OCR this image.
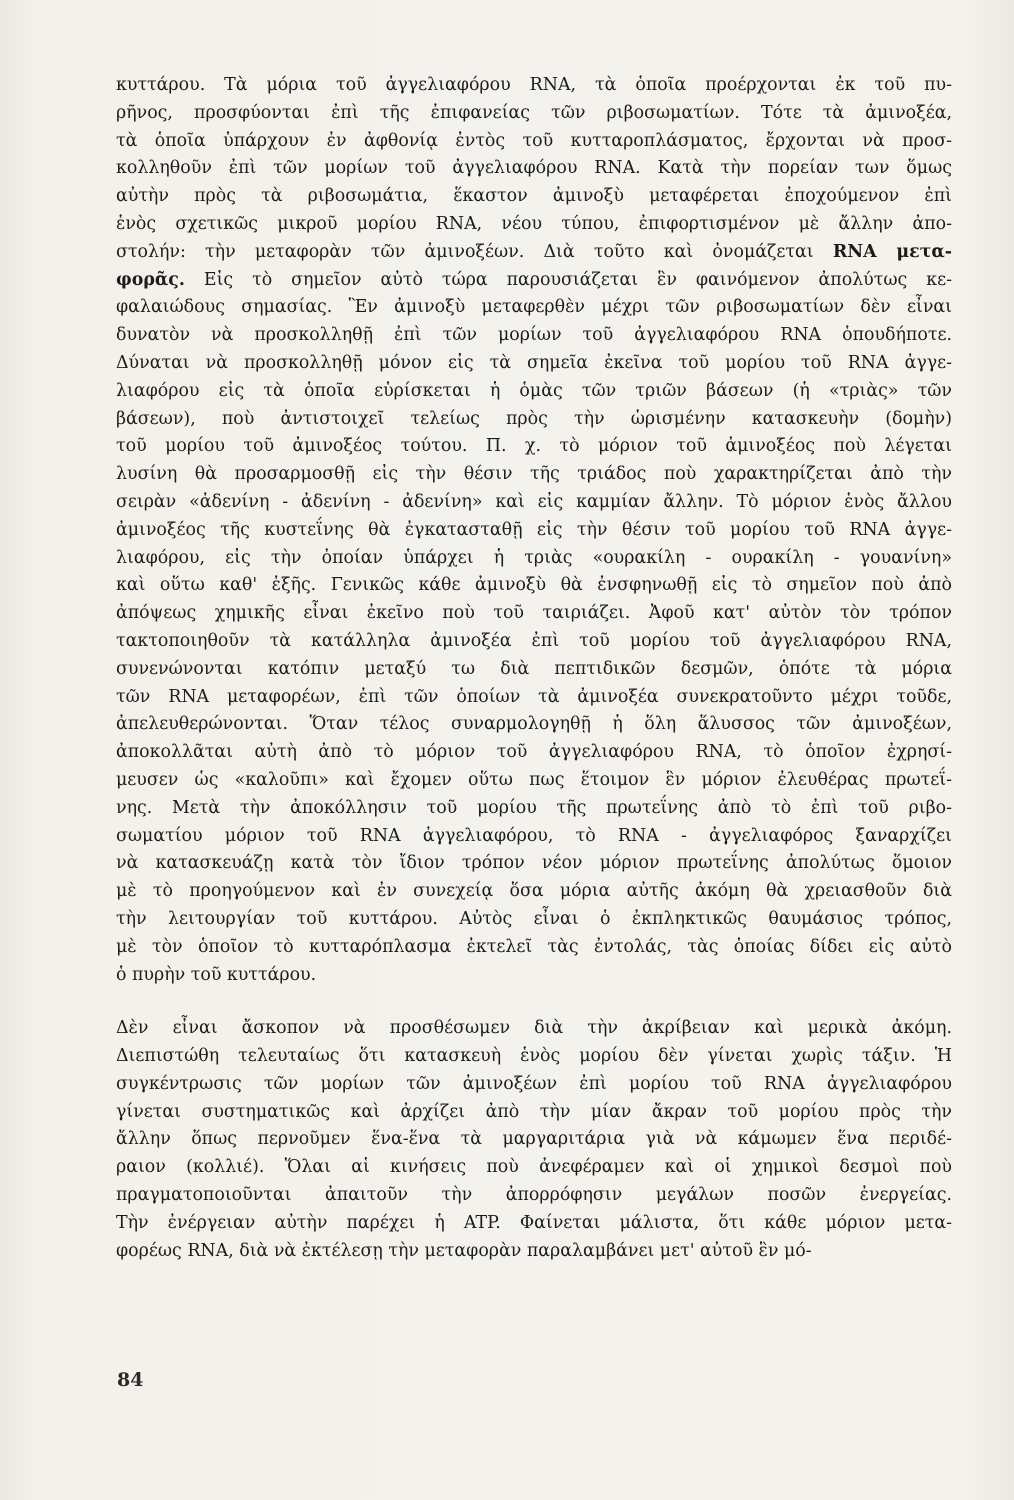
κυττάρου. Τὰ μόρια τοῦ ἀγγελιαφόρου RNA, τὰ ὁποῖα προέρχονται ἐκ τοῦ πυ-
ρῆνος, προσφύονται ἐπὶ τῆς ἐπιφανείας τῶν ριβοσωματίων. Τότε τὰ ἀμινοξέα,
τὰ ὁποῖα ὑπάρχουν ἐν ἀφθονίᾳ ἐντὸς τοῦ κυτταροπλάσματος, ἔρχονται νὰ προσ-
κολληθοῦν ἐπὶ τῶν μορίων τοῦ ἀγγελιαφόρου RNA. Κατὰ τὴν πορείαν των ὅμως
αὐτὴν πρὸς τὰ ριβοσωμάτια, ἕκαστον ἀμινοξὺ μεταφέρεται ἐποχούμενον ἐπὶ
ἑνὸς σχετικῶς μικροῦ μορίου RNA, νέου τύπου, ἐπιφορτισμένον μὲ ἄλλην ἀπο-
στολήν: τὴν μεταφορὰν τῶν ἀμινοξέων. Διὰ τοῦτο καὶ ὀνομάζεται RNA μετα-
φορᾶς. Εἰς τὸ σημεῖον αὐτὸ τώρα παρουσιάζεται ἓν φαινόμενον ἀπολύτως κε-
φαλαιώδους σημασίας. Ἓν ἀμινοξὺ μεταφερθὲν μέχρι τῶν ριβοσωματίων δὲν εἶναι
δυνατὸν νὰ προσκολληθῇ ἐπὶ τῶν μορίων τοῦ ἀγγελιαφόρου RNA ὁπουδήποτε.
Δύναται νὰ προσκολληθῇ μόνον εἰς τὰ σημεῖα ἐκεῖνα τοῦ μορίου τοῦ RNA ἀγγε-
λιαφόρου εἰς τὰ ὁποῖα εὑρίσκεται ἡ ὁμὰς τῶν τριῶν βάσεων (ἡ «τριὰς» τῶν
βάσεων), ποὺ ἀντιστοιχεῖ τελείως πρὸς τὴν ὡρισμένην κατασκευὴν (δομὴν)
τοῦ μορίου τοῦ ἀμινοξέος τούτου. Π. χ. τὸ μόριον τοῦ ἀμινοξέος ποὺ λέγεται
λυσίνη θὰ προσαρμοσθῇ εἰς τὴν θέσιν τῆς τριάδος ποὺ χαρακτηρίζεται ἀπὸ τὴν
σειρὰν «ἀδενίνη - ἀδενίνη - ἀδενίνη» καὶ εἰς καμμίαν ἄλλην. Τὸ μόριον ἑνὸς ἄλλου
ἀμινοξέος τῆς κυστεΐνης θὰ ἐγκατασταθῇ εἰς τὴν θέσιν τοῦ μορίου τοῦ RNA ἀγγε-
λιαφόρου, εἰς τὴν ὁποίαν ὑπάρχει ἡ τριὰς «ουρακίλη - ουρακίλη - γουανίνη»
καὶ οὕτω καθ' ἑξῆς. Γενικῶς κάθε ἀμινοξὺ θὰ ἐνσφηνωθῇ εἰς τὸ σημεῖον ποὺ ἀπὸ
ἀπόψεως χημικῆς εἶναι ἐκεῖνο ποὺ τοῦ ταιριάζει. Ἀφοῦ κατ' αὐτὸν τὸν τρόπον
τακτοποιηθοῦν τὰ κατάλληλα ἀμινοξέα ἐπὶ τοῦ μορίου τοῦ ἀγγελιαφόρου RNA,
συνενώνονται κατόπιν μεταξύ τω διὰ πεπτιδικῶν δεσμῶν, ὁπότε τὰ μόρια
τῶν RNA μεταφορέων, ἐπὶ τῶν ὁποίων τὰ ἀμινοξέα συνεκρατοῦντο μέχρι τοῦδε,
ἀπελευθερώνονται. Ὅταν τέλος συναρμολογηθῇ ἡ ὅλη ἅλυσσος τῶν ἀμινοξέων,
ἀποκολλᾶται αὐτὴ ἀπὸ τὸ μόριον τοῦ ἀγγελιαφόρου RNA, τὸ ὁποῖον ἐχρησί-
μευσεν ὡς «καλοῦπι» καὶ ἔχομεν οὕτω πως ἕτοιμον ἓν μόριον ἐλευθέρας πρωτεΐ-
νης. Μετὰ τὴν ἀποκόλλησιν τοῦ μορίου τῆς πρωτεΐνης ἀπὸ τὸ ἐπὶ τοῦ ριβο-
σωματίου μόριον τοῦ RNA ἀγγελιαφόρου, τὸ RNA - ἀγγελιαφόρος ξαναρχίζει
νὰ κατασκευάζῃ κατὰ τὸν ἴδιον τρόπον νέον μόριον πρωτεΐνης ἀπολύτως ὅμοιον
μὲ τὸ προηγούμενον καὶ ἐν συνεχείᾳ ὅσα μόρια αὐτῆς ἀκόμη θὰ χρειασθοῦν διὰ
τὴν λειτουργίαν τοῦ κυττάρου. Αὐτὸς εἶναι ὁ ἐκπληκτικῶς θαυμάσιος τρόπος,
μὲ τὸν ὁποῖον τὸ κυτταρόπλασμα ἐκτελεῖ τὰς ἐντολάς, τὰς ὁποίας δίδει εἰς αὐτὸ
ὁ πυρὴν τοῦ κυττάρου.

Δὲν εἶναι ἄσκοπον νὰ προσθέσωμεν διὰ τὴν ἀκρίβειαν καὶ μερικὰ ἀκόμη.
Διεπιστώθη τελευταίως ὅτι κατασκευὴ ἑνὸς μορίου δὲν γίνεται χωρὶς τάξιν. Ἡ
συγκέντρωσις τῶν μορίων τῶν ἀμινοξέων ἐπὶ μορίου τοῦ RNA ἀγγελιαφόρου
γίνεται συστηματικῶς καὶ ἀρχίζει ἀπὸ τὴν μίαν ἄκραν τοῦ μορίου πρὸς τὴν
ἄλλην ὅπως περνοῦμεν ἕνα-ἕνα τὰ μαργαριτάρια γιὰ νὰ κάμωμεν ἕνα περιδέ-
ραιον (κολλιέ). Ὅλαι αἱ κινήσεις ποὺ ἀνεφέραμεν καὶ οἱ χημικοὶ δεσμοὶ ποὺ
πραγματοποιοῦνται ἀπαιτοῦν τὴν ἀπορρόφησιν μεγάλων ποσῶν ἐνεργείας.
Τὴν ἐνέργειαν αὐτὴν παρέχει ἡ ATP. Φαίνεται μάλιστα, ὅτι κάθε μόριον μετα-
φορέως RNA, διὰ νὰ ἐκτέλεσῃ τὴν μεταφορὰν παραλαμβάνει μετ' αὐτοῦ ἓν μό-

84
